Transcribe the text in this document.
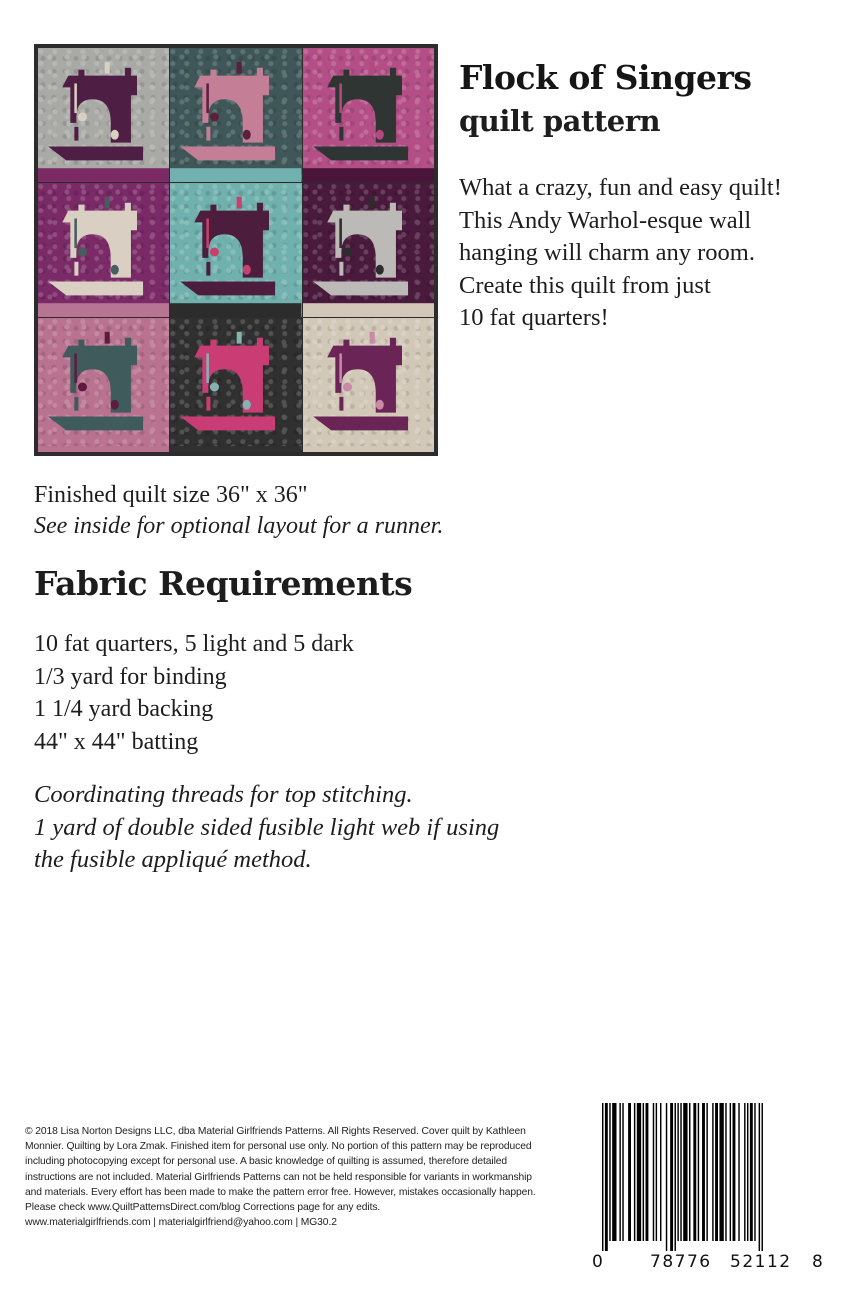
Flock of Singers
quilt pattern
What a crazy, fun and easy quilt!
This Andy Warhol-esque wall
hanging will charm any room.
Create this quilt from just
10 fat quarters!
Finished quilt size 36" x 36"
See inside for optional layout for a runner.
Fabric Requirements
10 fat quarters, 5 light and 5 dark
1/3 yard for binding
1 1/4 yard backing
44" x 44" batting
Coordinating threads for top stitching.
1 yard of double sided fusible light web if using
the fusible appliqué method.
© 2018 Lisa Norton Designs LLC, dba Material Girlfriends Patterns. All Rights Reserved. Cover quilt by Kathleen
Monnier. Quilting by Lora Zmak. Finished item for personal use only. No portion of this pattern may be reproduced
including photocopying except for personal use. A basic knowledge of quilting is assumed, therefore detailed
instructions are not included. Material Girlfriends Patterns can not be held responsible for variants in workmanship
and materials. Every effort has been made to make the pattern error free. However, mistakes occasionally happen.
Please check www.QuiltPatternsDirect.com/blog Corrections page for any edits.
www.materialgirlfriends.com | materialgirlfriend@yahoo.com | MG30.2
0	78776 52112 8
